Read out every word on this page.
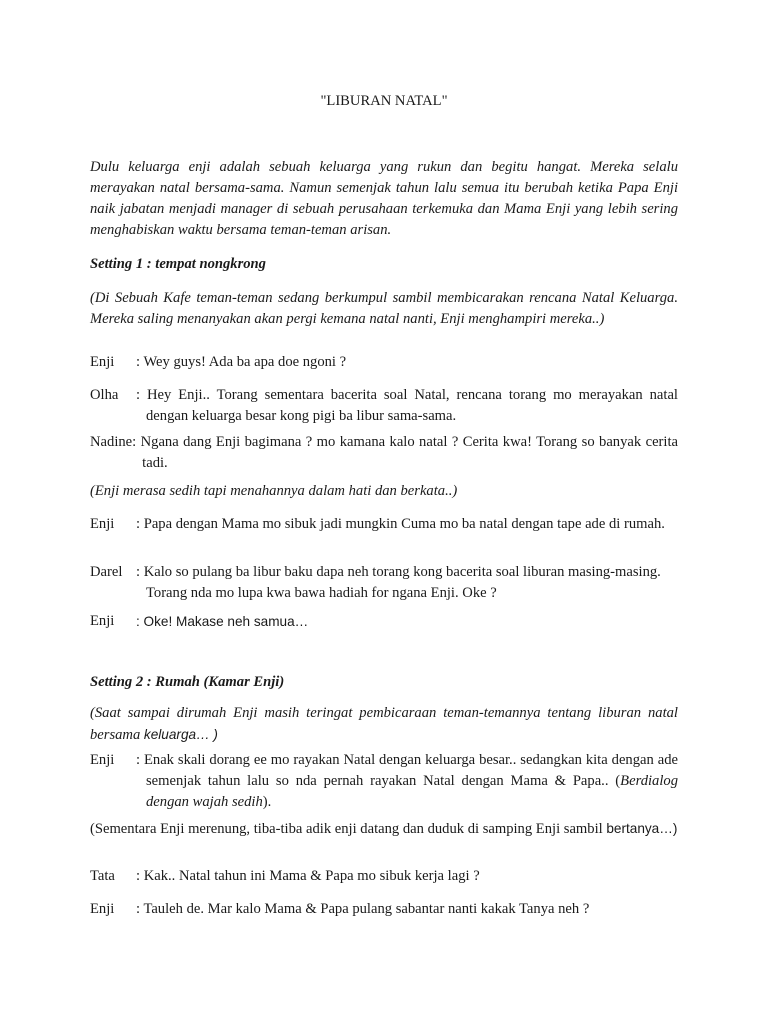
"LIBURAN NATAL"
Dulu keluarga enji adalah sebuah keluarga yang rukun dan begitu hangat. Mereka selalu merayakan natal bersama-sama. Namun semenjak tahun lalu semua itu berubah ketika Papa Enji naik jabatan menjadi manager di sebuah perusahaan terkemuka dan Mama Enji yang lebih sering menghabiskan waktu bersama teman-teman arisan.
Setting 1 : tempat nongkrong
(Di Sebuah Kafe teman-teman sedang berkumpul sambil membicarakan rencana Natal Keluarga. Mereka saling menanyakan akan pergi kemana natal nanti, Enji menghampiri mereka..)
Enji	: Wey guys! Ada ba apa doe ngoni ?
Olha	: Hey Enji.. Torang sementara bacerita soal Natal, rencana torang mo merayakan natal dengan keluarga besar kong pigi ba libur sama-sama.
Nadine : Ngana dang Enji bagimana ? mo kamana kalo natal ? Cerita kwa! Torang so banyak cerita tadi.
(Enji merasa sedih tapi menahannya dalam hati dan berkata..)
Enji	: Papa dengan Mama mo sibuk jadi mungkin Cuma mo ba natal dengan tape ade di rumah.
Darel : Kalo so pulang ba libur baku dapa neh torang kong bacerita soal liburan masing-masing. Torang nda mo lupa kwa bawa hadiah for ngana Enji. Oke ?
Enji	: Oke! Makase neh samua…
Setting 2 : Rumah (Kamar Enji)
(Saat sampai dirumah Enji masih teringat pembicaraan teman-temannya tentang liburan natal bersama keluarga… )
Enji	: Enak skali dorang ee mo rayakan Natal dengan keluarga besar.. sedangkan kita dengan ade semenjak tahun lalu so nda pernah rayakan Natal dengan Mama & Papa.. (Berdialog dengan wajah sedih).
(Sementara Enji merenung, tiba-tiba adik enji datang dan duduk di samping Enji sambil bertanya…)
Tata	: Kak.. Natal tahun ini Mama & Papa mo sibuk kerja lagi ?
Enji	: Tauleh de. Mar kalo Mama & Papa pulang sabantar nanti kakak Tanya neh ?
